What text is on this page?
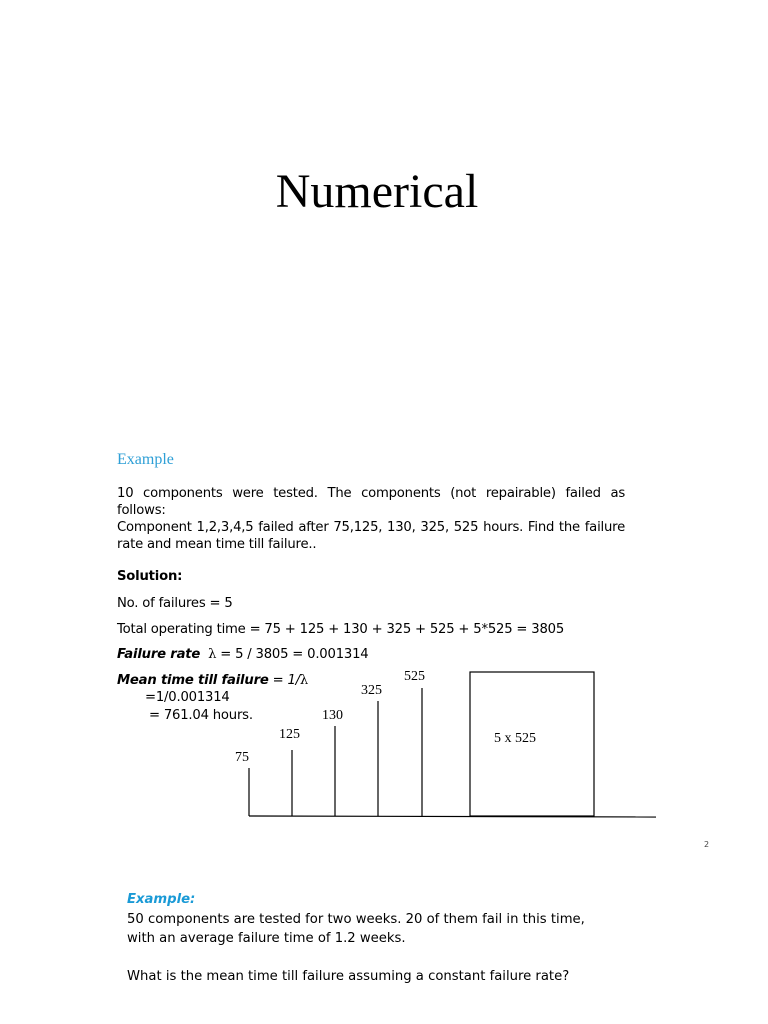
Numerical
Example

10 components were tested. The components (not repairable) failed as follows:

Component 1,2,3,4,5 failed after 75,125, 130, 325, 525 hours. Find the failure rate and mean time till failure..

Solution:
No. of failures = 5
Total operating time = 75 + 125 + 130 + 325 + 525 + 5*525 = 3805
Failure rate λ = 5 / 3805 = 0.001314
Mean time till failure = 1/λ
=1/0.001314
= 761.04 hours.
75
125
130
325
525
5 x 525
2
Example:
50 components are tested for two weeks. 20 of them fail in this time,
with an average failure time of 1.2 weeks.
What is the mean time till failure assuming a constant failure rate?
